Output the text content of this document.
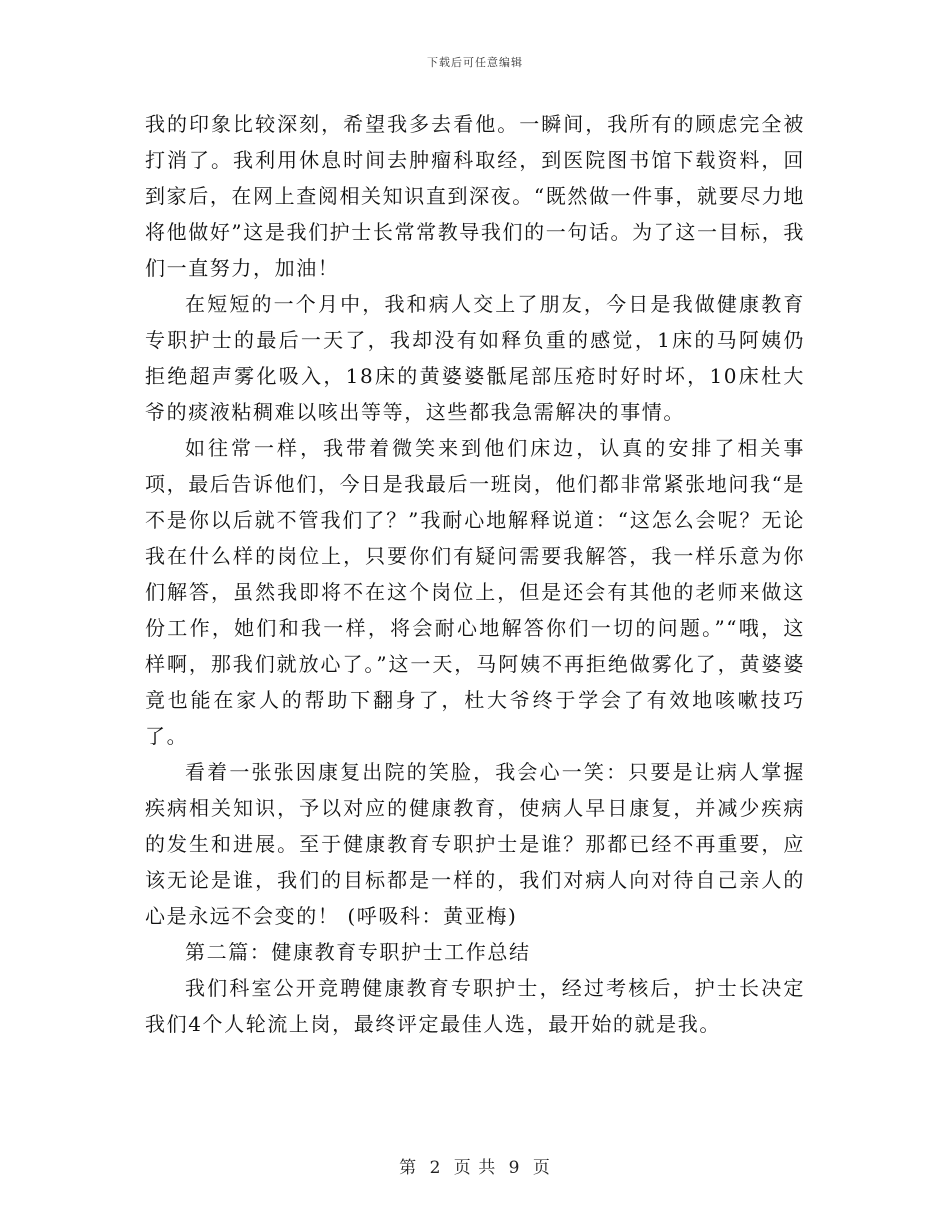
下载后可任意编辑

我的印象比较深刻，希望我多去看他。一瞬间，我所有的顾虑完全被打消了。我利用休息时间去肿瘤科取经，到医院图书馆下载资料，回到家后，在网上查阅相关知识直到深夜。“既然做一件事，就要尽力地将他做好”这是我们护士长常常教导我们的一句话。为了这一目标，我们一直努力，加油！

在短短的一个月中，我和病人交上了朋友，今日是我做健康教育专职护士的最后一天了，我却没有如释负重的感觉，1床的马阿姨仍拒绝超声雾化吸入，18床的黄婆婆骶尾部压疮时好时坏，10床杜大爷的痰液粘稠难以咳出等等，这些都我急需解决的事情。

如往常一样，我带着微笑来到他们床边，认真的安排了相关事项，最后告诉他们，今日是我最后一班岗，他们都非常紧张地问我“是不是你以后就不管我们了？”我耐心地解释说道：“这怎么会呢？无论我在什么样的岗位上，只要你们有疑问需要我解答，我一样乐意为你们解答，虽然我即将不在这个岗位上，但是还会有其他的老师来做这份工作，她们和我一样，将会耐心地解答你们一切的问题。”“哦，这样啊，那我们就放心了。”这一天，马阿姨不再拒绝做雾化了，黄婆婆竟也能在家人的帮助下翻身了，杜大爷终于学会了有效地咳嗽技巧了。

看着一张张因康复出院的笑脸，我会心一笑：只要是让病人掌握疾病相关知识，予以对应的健康教育，使病人早日康复，并减少疾病的发生和进展。至于健康教育专职护士是谁？那都已经不再重要，应该无论是谁，我们的目标都是一样的，我们对病人向对待自己亲人的心是永远不会变的！ (呼吸科：黄亚梅)

第二篇：健康教育专职护士工作总结

我们科室公开竞聘健康教育专职护士，经过考核后，护士长决定我们4个人轮流上岗，最终评定最佳人选，最开始的就是我。

第 2 页 共 9 页
